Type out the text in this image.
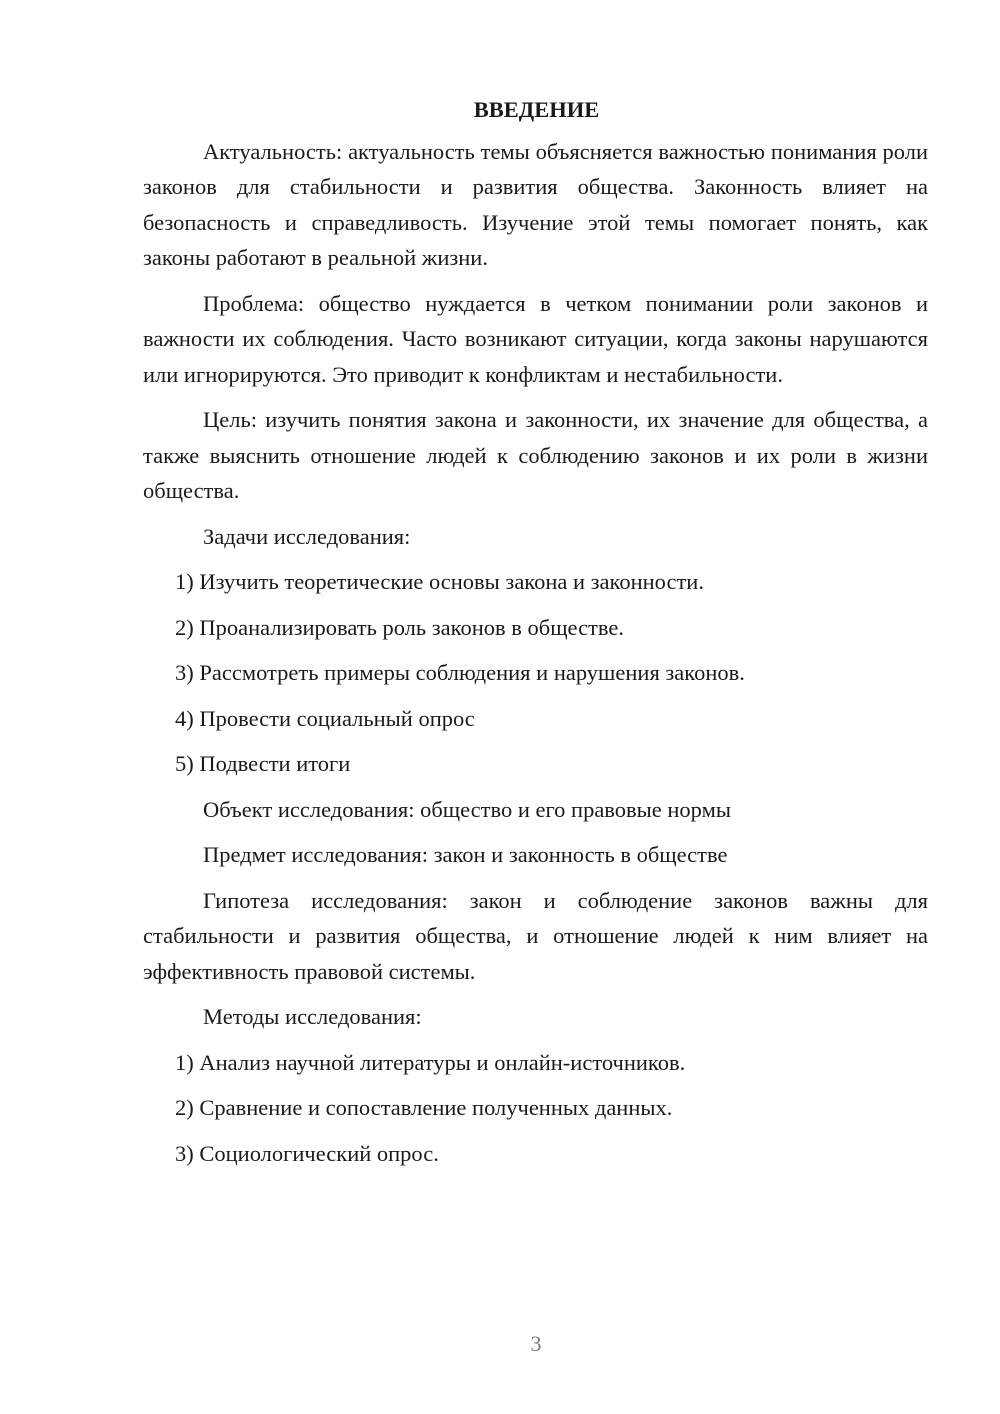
ВВЕДЕНИЕ

Актуальность: актуальность темы объясняется важностью понимания роли законов для стабильности и развития общества. Законность влияет на безопасность и справедливость. Изучение этой темы помогает понять, как законы работают в реальной жизни.

Проблема: общество нуждается в четком понимании роли законов и важности их соблюдения. Часто возникают ситуации, когда законы нарушаются или игнорируются. Это приводит к конфликтам и нестабильности.

Цель: изучить понятия закона и законности, их значение для общества, а также выяснить отношение людей к соблюдению законов и их роли в жизни общества.

Задачи исследования:

1) Изучить теоретические основы закона и законности.

2) Проанализировать роль законов в обществе.

3) Рассмотреть примеры соблюдения и нарушения законов.

4) Провести социальный опрос

5) Подвести итоги

Объект исследования: общество и его правовые нормы

Предмет исследования: закон и законность в обществе

Гипотеза исследования: закон и соблюдение законов важны для стабильности и развития общества, и отношение людей к ним влияет на эффективность правовой системы.

Методы исследования:

1) Анализ научной литературы и онлайн-источников.

2) Сравнение и сопоставление полученных данных.

3) Социологический опрос.

3
